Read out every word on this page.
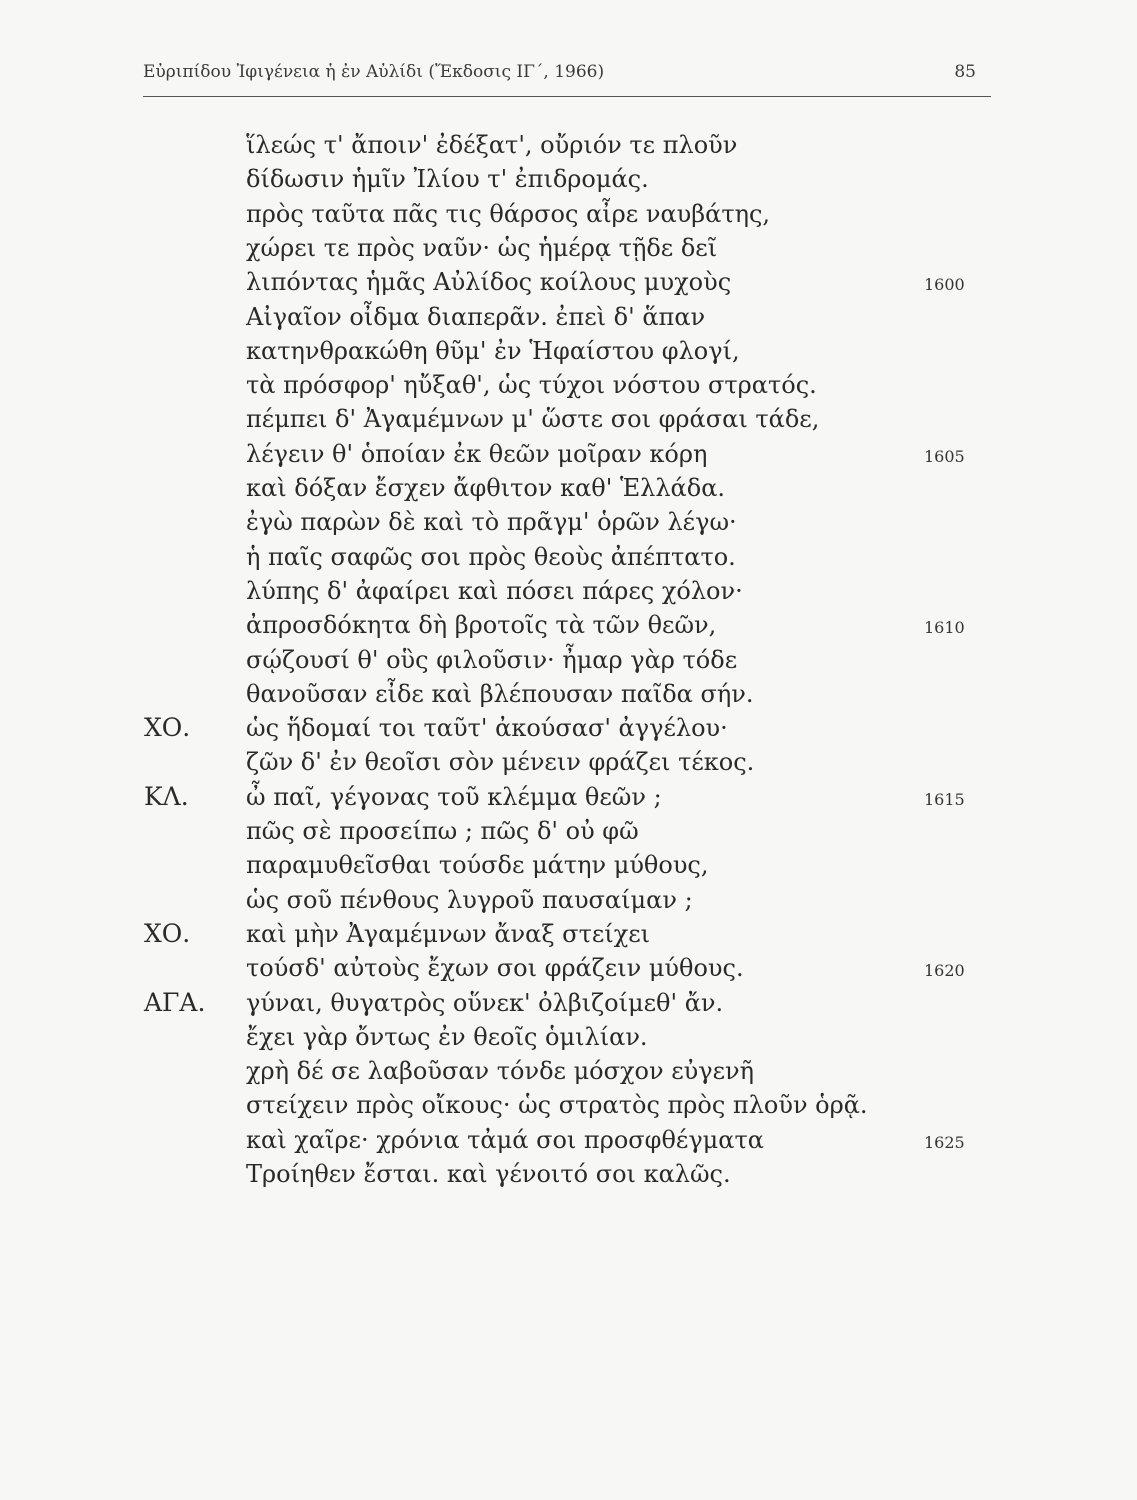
Εὐριπίδου Ἰφιγένεια ἡ ἐν Αὐλίδι (Ἔκδοσις ΙΓ΄, 1966)	85
ἵλεώς τ' ἄποιν' ἐδέξατ', οὔριόν τε πλοῦν
δίδωσιν ἡμῖν Ἰλίου τ' ἐπιδρομάς.
πρὸς ταῦτα πᾶς τις θάρσος αἶρε ναυβάτης,
χώρει τε πρὸς ναῦν· ὡς ἡμέρᾳ τῇδε δεῖ
λιπόντας ἡμᾶς Αὐλίδος κοίλους μυχοὺς	1600
Αἰγαῖον οἶδμα διαπερᾶν. ἐπεὶ δ' ἅπαν
κατηνθρακώθη θῦμ' ἐν Ἡφαίστου φλογί,
τὰ πρόσφορ' ηὔξαθ', ὡς τύχοι νόστου στρατός.
πέμπει δ' Ἀγαμέμνων μ' ὥστε σοι φράσαι τάδε,
λέγειν θ' ὁποίαν ἐκ θεῶν μοῖραν κόρη	1605
καὶ δόξαν ἔσχεν ἄφθιτον καθ' Ἑλλάδα.
ἐγὼ παρὼν δὲ καὶ τὸ πρᾶγμ' ὁρῶν λέγω·
ἡ παῖς σαφῶς σοι πρὸς θεοὺς ἀπέπτατο.
λύπης δ' ἀφαίρει καὶ πόσει πάρες χόλον·
ἀπροσδόκητα δὴ βροτοῖς τὰ τῶν θεῶν,	1610
σῴζουσί θ' οὓς φιλοῦσιν· ἦμαρ γὰρ τόδε
θανοῦσαν εἶδε καὶ βλέπουσαν παῖδα σήν.
ΧΟ. ὡς ἥδομαί τοι ταῦτ' ἀκούσασ' ἀγγέλου·
ζῶν δ' ἐν θεοῖσι σὸν μένειν φράζει τέκος.
ΚΛ. ὦ παῖ, γέγονας τοῦ κλέμμα θεῶν ;	1615
πῶς σὲ προσείπω ; πῶς δ' οὐ φῶ
παραμυθεῖσθαι τούσδε μάτην μύθους,
ὡς σοῦ πένθους λυγροῦ παυσαίμαν ;
ΧΟ. καὶ μὴν Ἀγαμέμνων ἄναξ στείχει
τούσδ' αὐτοὺς ἔχων σοι φράζειν μύθους.	1620
ΑΓΑ. γύναι, θυγατρὸς οὕνεκ' ὀλβιζοίμεθ' ἄν.
ἔχει γὰρ ὄντως ἐν θεοῖς ὁμιλίαν.
χρὴ δέ σε λαβοῦσαν τόνδε μόσχον εὐγενῆ
στείχειν πρὸς οἴκους· ὡς στρατὸς πρὸς πλοῦν ὁρᾷ.
καὶ χαῖρε· χρόνια τἀμά σοι προσφθέγματα	1625
Τροίηθεν ἔσται. καὶ γένοιτό σοι καλῶς.
